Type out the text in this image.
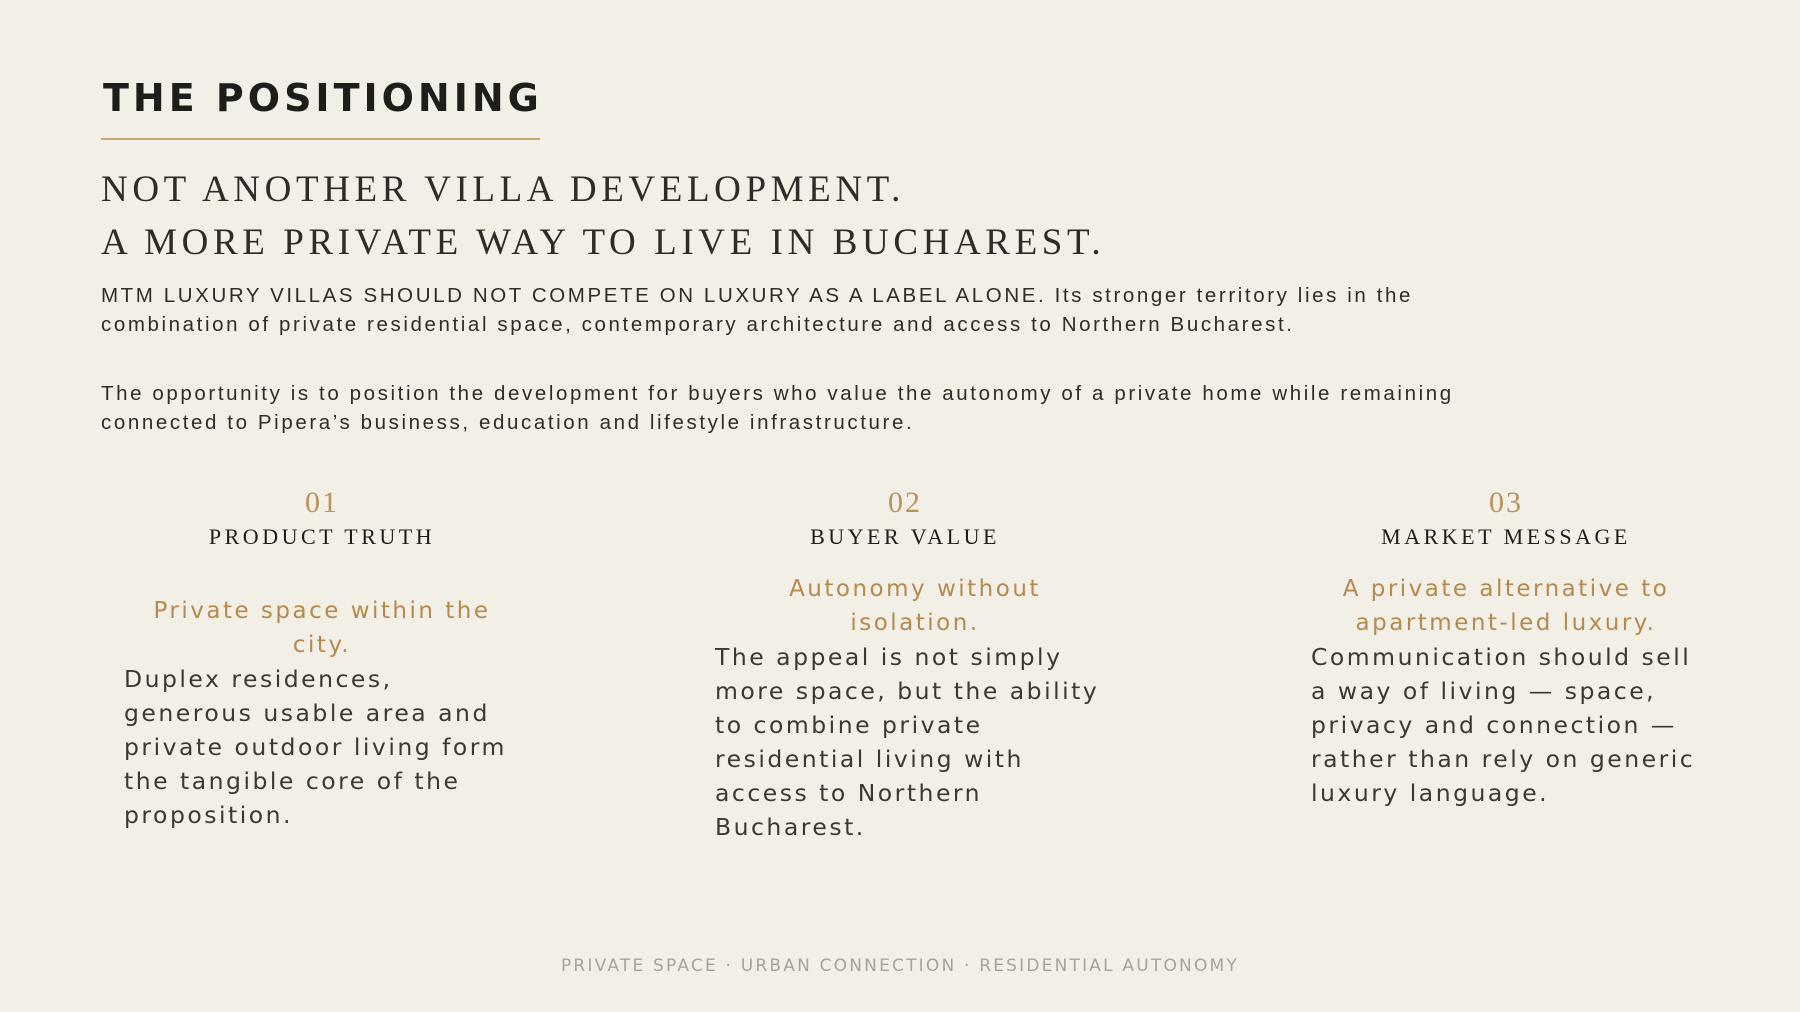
THE POSITIONING
NOT ANOTHER VILLA DEVELOPMENT.
A MORE PRIVATE WAY TO LIVE IN BUCHAREST.

MTM LUXURY VILLAS SHOULD NOT COMPETE ON LUXURY AS A LABEL ALONE. Its stronger territory lies in the combination of private residential space, contemporary architecture and access to Northern Bucharest.

The opportunity is to position the development for buyers who value the autonomy of a private home while remaining connected to Pipera’s business, education and lifestyle infrastructure.

01
PRODUCT TRUTH
Private space within the city.

Duplex residences, generous usable area and private outdoor living form the tangible core of the proposition.

02
BUYER VALUE
Autonomy without isolation.

The appeal is not simply more space, but the ability to combine private residential living with access to Northern Bucharest.

03
MARKET MESSAGE
A private alternative to apartment-led luxury.

Communication should sell a way of living — space, privacy and connection — rather than rely on generic luxury language.

PRIVATE SPACE · URBAN CONNECTION · RESIDENTIAL AUTONOMY
